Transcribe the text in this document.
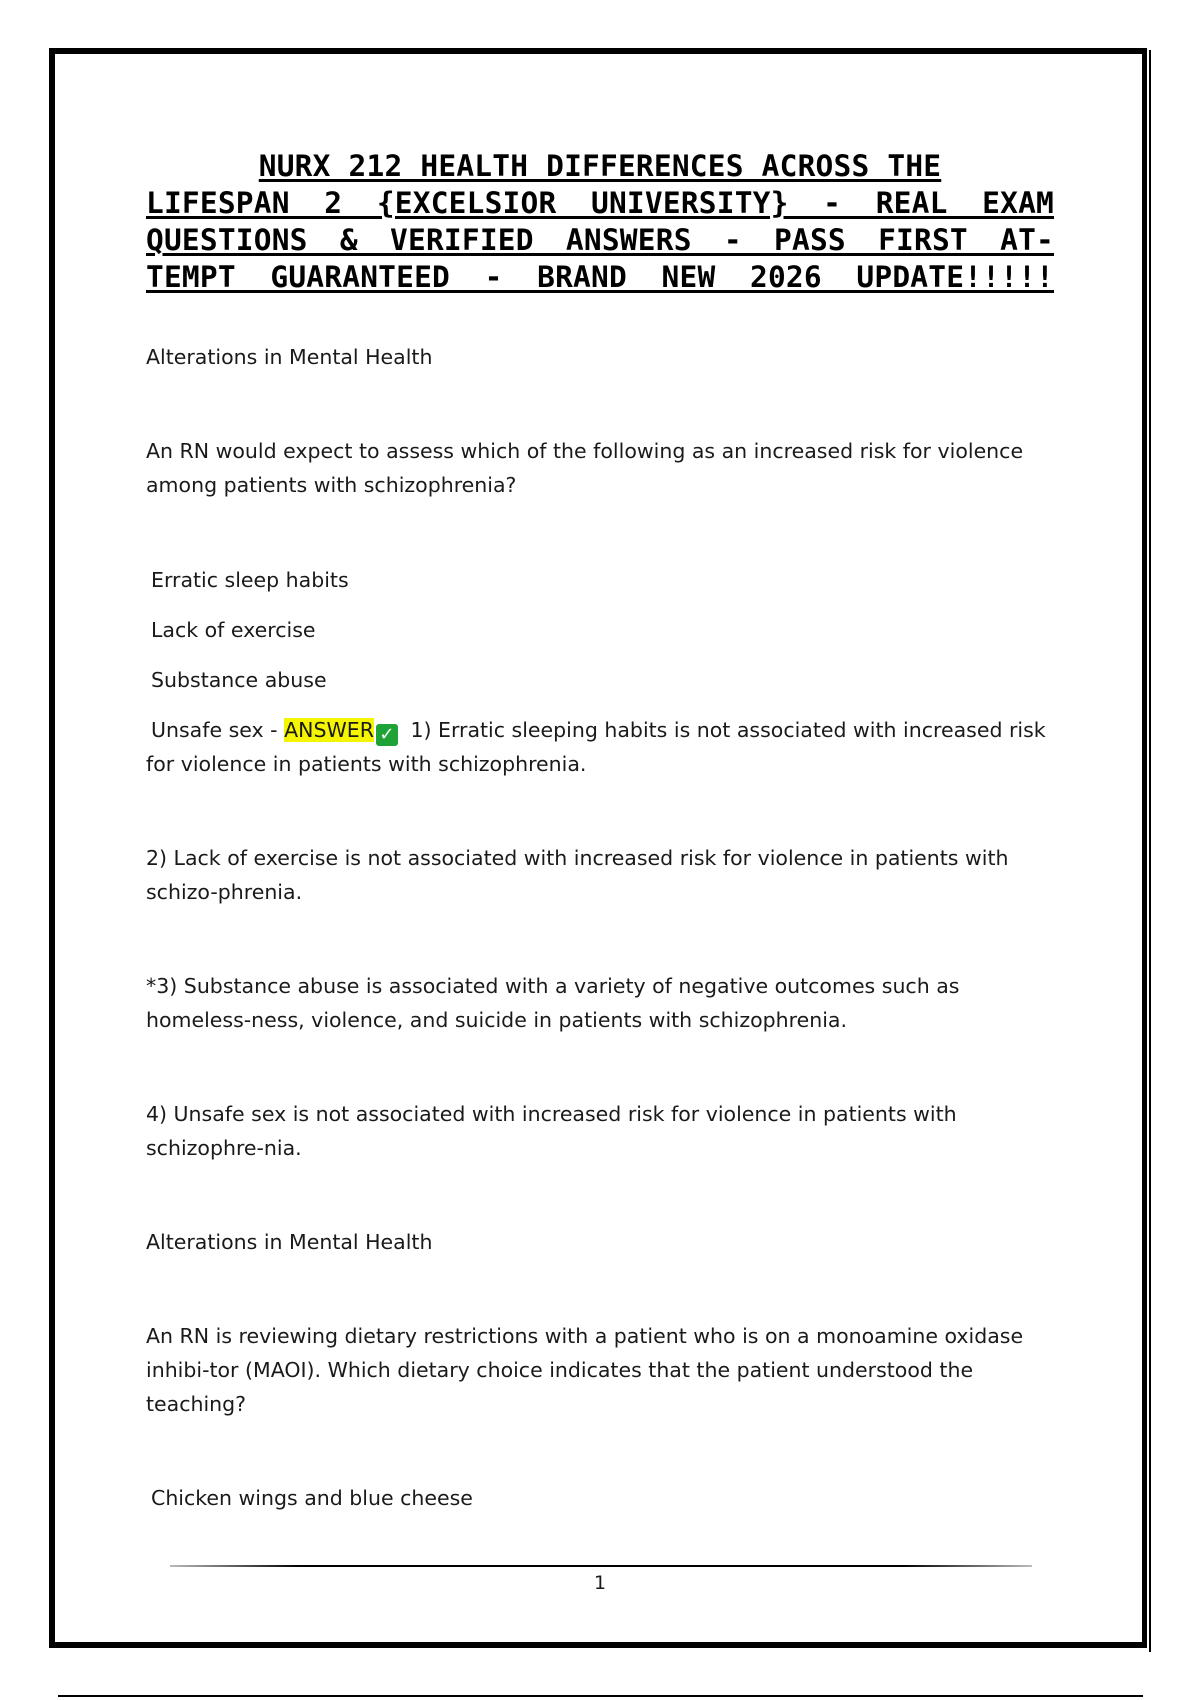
NURX 212 HEALTH DIFFERENCES ACROSS THE
LIFESPAN 2 {EXCELSIOR UNIVERSITY} - REAL EXAM
QUESTIONS & VERIFIED ANSWERS - PASS FIRST AT-
TEMPT GUARANTEED - BRAND NEW 2026 UPDATE!!!!!

Alterations in Mental Health

An RN would expect to assess which of the following as an increased risk for violence among patients with schizophrenia?

Erratic sleep habits

Lack of exercise

Substance abuse

Unsafe sex - ANSWER ✓ 1) Erratic sleeping habits is not associated with increased risk for violence in patients with schizophrenia.

2) Lack of exercise is not associated with increased risk for violence in patients with schizo-phrenia.

*3) Substance abuse is associated with a variety of negative outcomes such as homeless-ness, violence, and suicide in patients with schizophrenia.

4) Unsafe sex is not associated with increased risk for violence in patients with schizophre-nia.

Alterations in Mental Health

An RN is reviewing dietary restrictions with a patient who is on a monoamine oxidase inhibi-tor (MAOI). Which dietary choice indicates that the patient understood the teaching?

Chicken wings and blue cheese

1
